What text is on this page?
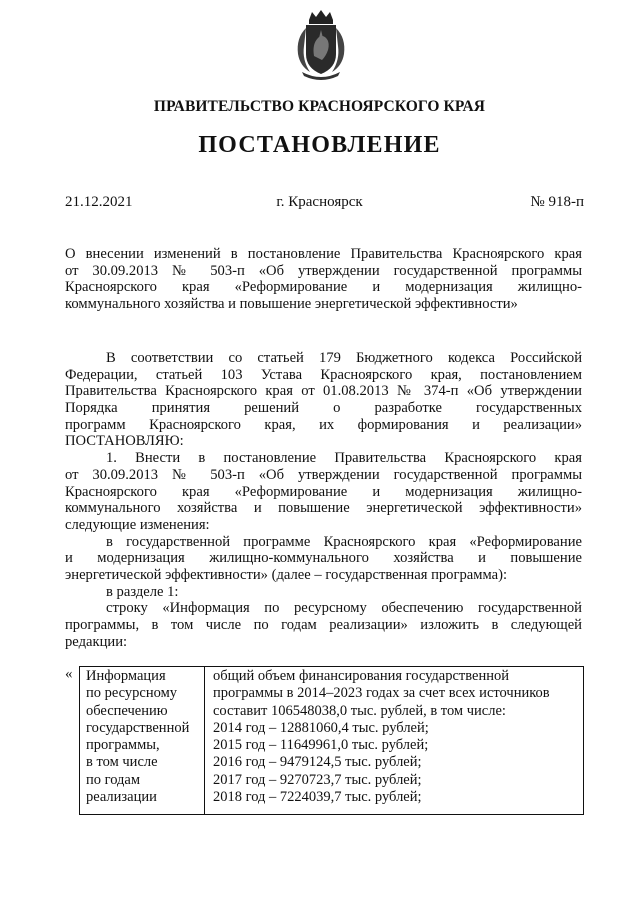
ПРАВИТЕЛЬСТВО КРАСНОЯРСКОГО КРАЯ
ПОСТАНОВЛЕНИЕ
21.12.2021	г. Красноярск	№ 918-п
О внесении изменений в постановление Правительства Красноярского края
от 30.09.2013 № 503-п «Об утверждении государственной программы
Красноярского края «Реформирование и модернизация жилищно-
коммунального хозяйства и повышение энергетической эффективности»
В соответствии со статьей 179 Бюджетного кодекса Российской
Федерации, статьей 103 Устава Красноярского края, постановлением
Правительства Красноярского края от 01.08.2013 № 374-п «Об утверждении
Порядка принятия решений о разработке государственных
программ Красноярского края, их формирования и реализации»
ПОСТАНОВЛЯЮ:
1. Внести в постановление Правительства Красноярского края
от 30.09.2013 № 503-п «Об утверждении государственной программы
Красноярского края «Реформирование и модернизация жилищно-
коммунального хозяйства и повышение энергетической эффективности»
следующие изменения:
в государственной программе Красноярского края «Реформирование
и модернизация жилищно-коммунального хозяйства и повышение
энергетической эффективности» (далее – государственная программа):
в разделе 1:
строку «Информация по ресурсному обеспечению государственной
программы, в том числе по годам реализации» изложить в следующей
редакции:
« Информация
по ресурсному
обеспечению
государственной
программы,
в том числе
по годам
реализации
общий объем финансирования государственной
программы в 2014–2023 годах за счет всех источников
составит 106548038,0 тыс. рублей, в том числе:
2014 год – 12881060,4 тыс. рублей;
2015 год – 11649961,0 тыс. рублей;
2016 год – 9479124,5 тыс. рублей;
2017 год – 9270723,7 тыс. рублей;
2018 год – 7224039,7 тыс. рублей;
